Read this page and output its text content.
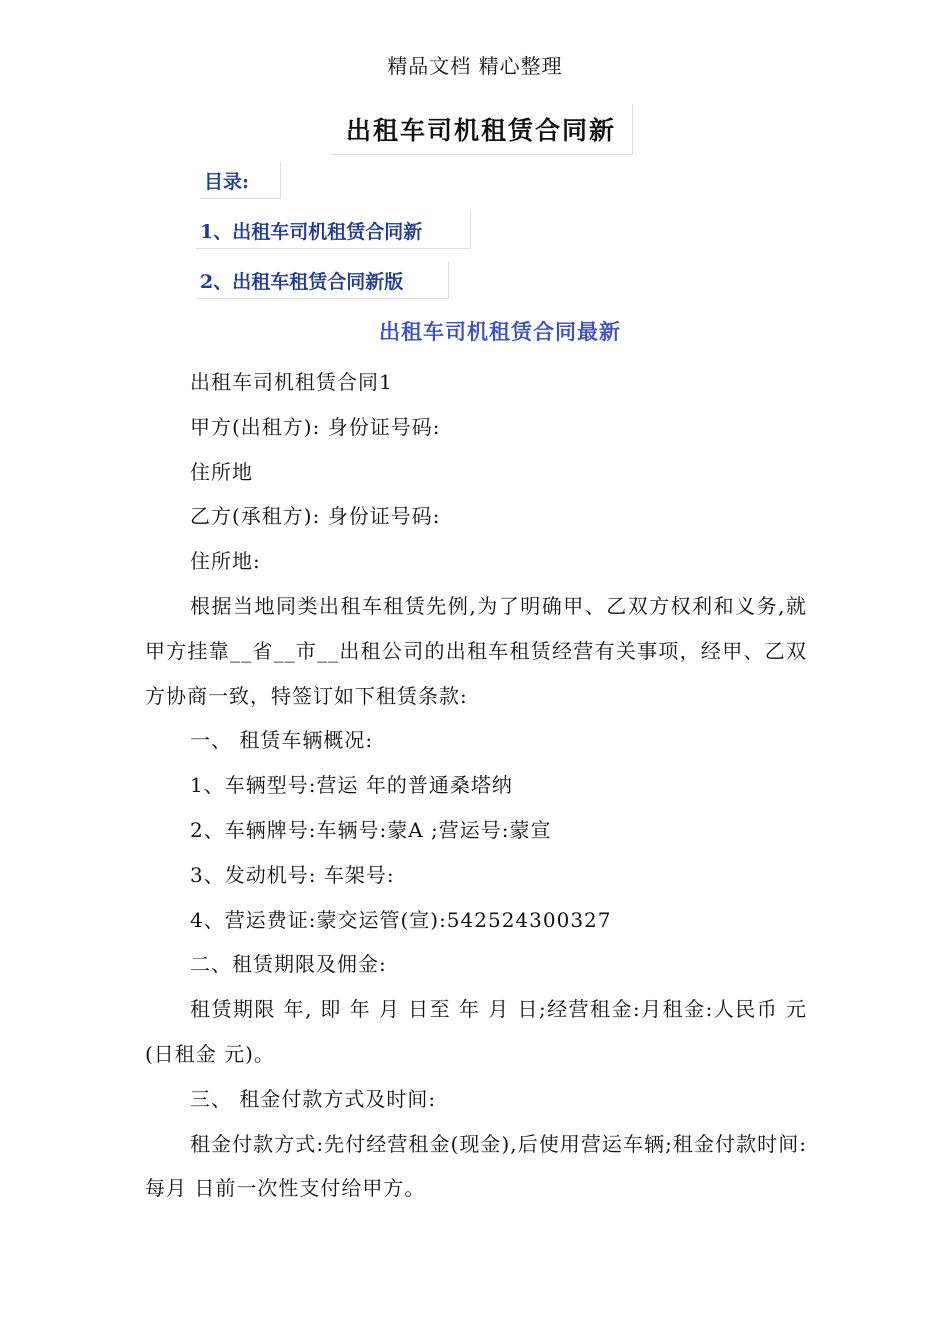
精品文档 精心整理
出租车司机租赁合同新
目录:
1、出租车司机租赁合同新
2、出租车租赁合同新版
出租车司机租赁合同最新

出租车司机租赁合同1

甲方(出租方): 身份证号码:

住所地

乙方(承租方): 身份证号码:

住所地:

根据当地同类出租车租赁先例,为了明确甲、乙双方权利和义务,就甲方挂靠__省__市__出租公司的出租车租赁经营有关事项，经甲、乙双方协商一致，特签订如下租赁条款:

一、 租赁车辆概况:

1、车辆型号:营运 年的普通桑塔纳

2、车辆牌号:车辆号:蒙A ;营运号:蒙宣

3、发动机号: 车架号:

4、营运费证:蒙交运管(宣):542524300327

二、租赁期限及佣金:

租赁期限 年, 即 年 月 日至 年 月 日;经营租金:月租金:人民币 元(日租金 元)。

三、 租金付款方式及时间:

租金付款方式:先付经营租金(现金),后使用营运车辆;租金付款时间:每月 日前一次性支付给甲方。
